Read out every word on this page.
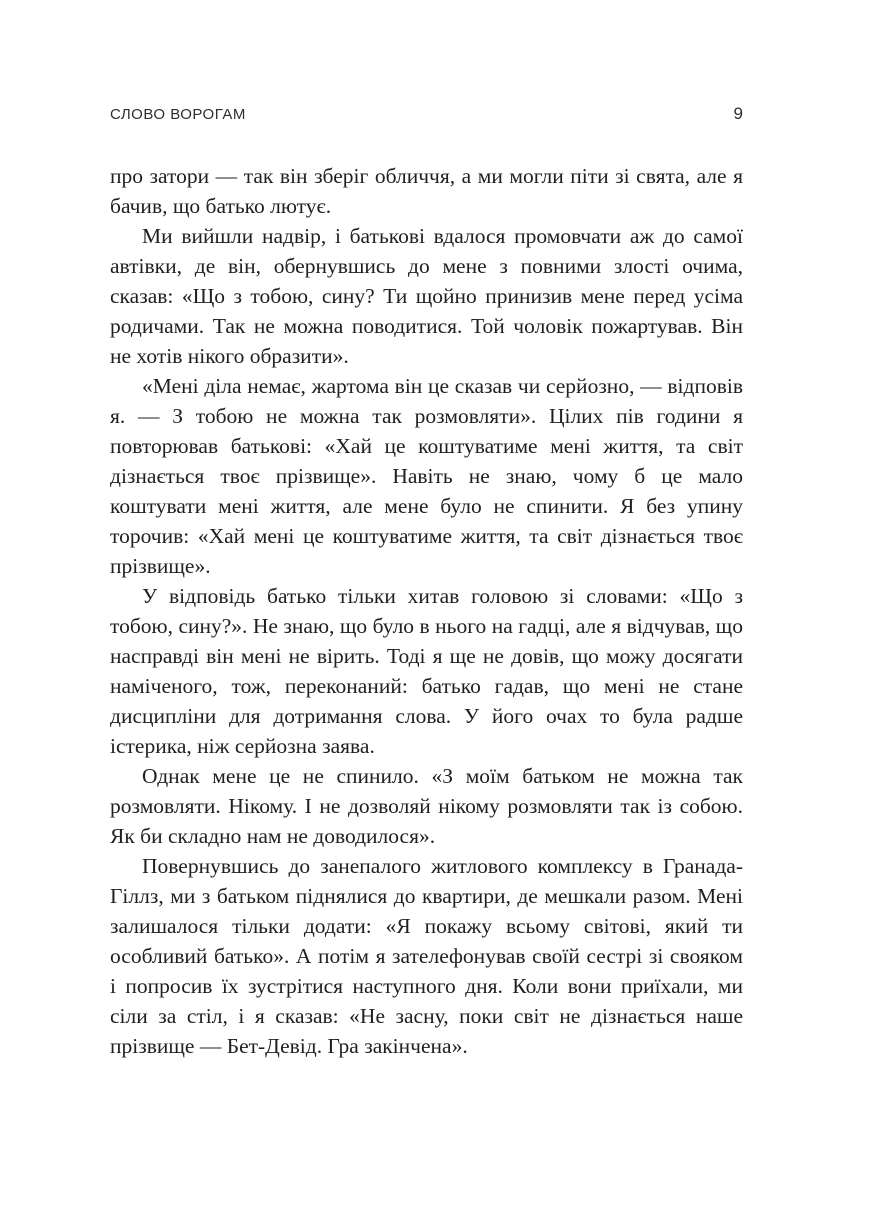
СЛОВО ВОРОГАМ	9

про затори — так він зберіг обличчя, а ми могли піти зі свята, але я бачив, що батько лютує.

Ми вийшли надвір, і батькові вдалося промовчати аж до самої автівки, де він, обернувшись до мене з повними злості очима, сказав: «Що з тобою, сину? Ти щойно принизив мене перед усіма родичами. Так не можна поводитися. Той чоловік пожартував. Він не хотів нікого образити».

«Мені діла немає, жартома він це сказав чи серйозно, — відповів я. — З тобою не можна так розмовляти». Цілих пів години я повторював батькові: «Хай це коштуватиме мені життя, та світ дізнається твоє прізвище». Навіть не знаю, чому б це мало коштувати мені життя, але мене було не спинити. Я без упину торочив: «Хай мені це коштуватиме життя, та світ дізнається твоє прізвище».

У відповідь батько тільки хитав головою зі словами: «Що з тобою, сину?». Не знаю, що було в нього на гадці, але я відчував, що насправді він мені не вірить. Тоді я ще не довів, що можу досягати наміченого, тож, переконаний: батько гадав, що мені не стане дисципліни для дотримання слова. У його очах то була радше істерика, ніж серйозна заява.

Однак мене це не спинило. «З моїм батьком не можна так розмовляти. Нікому. І не дозволяй нікому розмовляти так із собою. Як би складно нам не доводилося».

Повернувшись до занепалого житлового комплексу в Гранада-Гіллз, ми з батьком піднялися до квартири, де мешкали разом. Мені залишалося тільки додати: «Я покажу всьому світові, який ти особливий батько». А потім я зателефонував своїй сестрі зі свояком і попросив їх зустрітися наступного дня. Коли вони приїхали, ми сіли за стіл, і я сказав: «Не засну, поки світ не дізнається наше прізвище — Бет-Девід. Гра закінчена».
